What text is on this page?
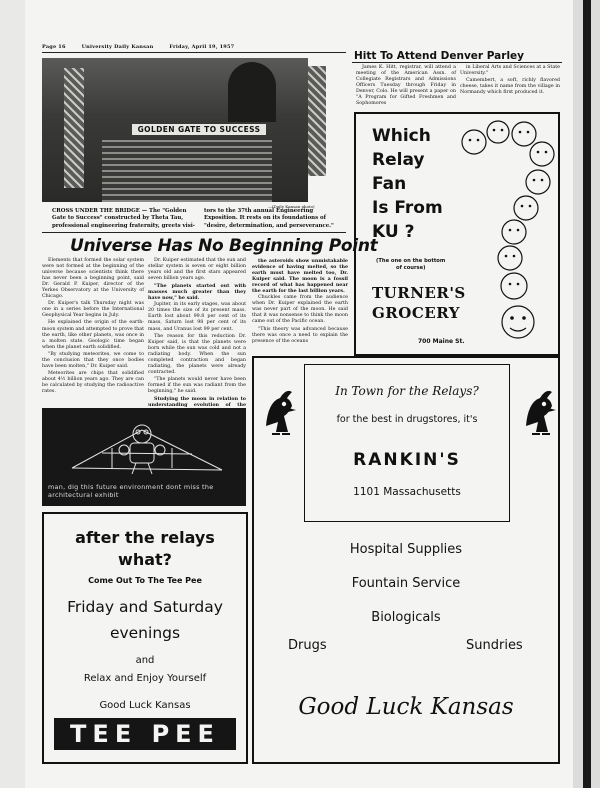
Page 16	University Daily Kansan	Friday, April 19, 1957
GOLDEN GATE TO SUCCESS
—(Daily Kansan photo)
CROSS UNDER THE BRIDGE — The "Golden Gate to Success" constructed by Theta Tau, professional engineering fraternity, greets visi-
tors to the 37th annual Engineering Exposition. It rests on its foundations of "desire, determination, and perseverance."
Universe Has No Beginning Point

Elements that formed the solar system were not formed at the beginning of the universe because scientists think there has never been a beginning point, said Dr. Gerald P. Kuiper, director of the Yerkes Observatory at the University of Chicago.

Dr. Kuiper's talk Thursday night was one in a series before the International Geophysical Year begins in July.

He explained the origin of the earth-moon system and attempted to prove that the earth, like other planets, was once in a molten state. Geologic time began when the planet earth solidified.

"By studying meteorites, we come to the conclusion that they once bodies have been molten," Dr. Kuiper said.

Meteorites are chips that solidified about 4½ billion years ago. They are can be calculated by studying the radioactive rates.

Dr. Kuiper estimated that the sun and stellar system is seven or eight billion years old and the first stars appeared seven billion years ago.

"The planets started out with masses much greater than they have now," he said.

Jupiter, in its early stages, was about 20 times the size of its present mass. Earth lost about 99.8 per cent of its mass, Saturn lost 98 per cent of its mass, and Uranus lost 99 per cent.

The reason for this reduction Dr. Kuiper said, is that the planets were born while the sun was cold and not a radiating body. When the sun completed contraction and began radiating, the planets were already contracted.

"The planets would never have been formed if the sun was radiant from the beginning," he said.

Studying the moon in relation to understanding evolution of the

the asteroids show unmistakable evidence of having melted, so the earth must have melted too, Dr. Kuiper said. The moon is a fossil record of what has happened near the earth for the last billion years.

Chuckles came from the audience when Dr. Kuiper explained the earth was never part of the moon. He said that it was nonsense to think the moon came out of the Pacific ocean.

"This theory was advanced because there was once a need to explain the presence of the oceans

man, dig this future environment dont miss the architectural exhibit
after the relays
what?
Come Out To The Tee Pee
Friday and Saturday
evenings
and
Relax and Enjoy Yourself
Good Luck Kansas
TEE PEE
Hitt To Attend Denver Parley

James K. Hitt, registrar, will attend a meeting of the American Assn. of Collegiate Registrars and Admissions Officers Tuesday through Friday in Denver, Colo. He will present a paper on "A Program for Gifted Freshmen and Sophomores

in Liberal Arts and Sciences at a State University."

Camembert, a soft, richly flavored cheese, takes it name from the village in Normandy which first produced it.

Which
Relay
Fan
Is From
KU ?
(The one on the bottom
of course)
TURNER'S
GROCERY
700 Maine St.
In Town for the Relays?
for the best in drugstores, it's
RANKIN'S
1101 Massachusetts
Hospital Supplies
Fountain Service
Biologicals
Drugs	Sundries
Good Luck Kansas
